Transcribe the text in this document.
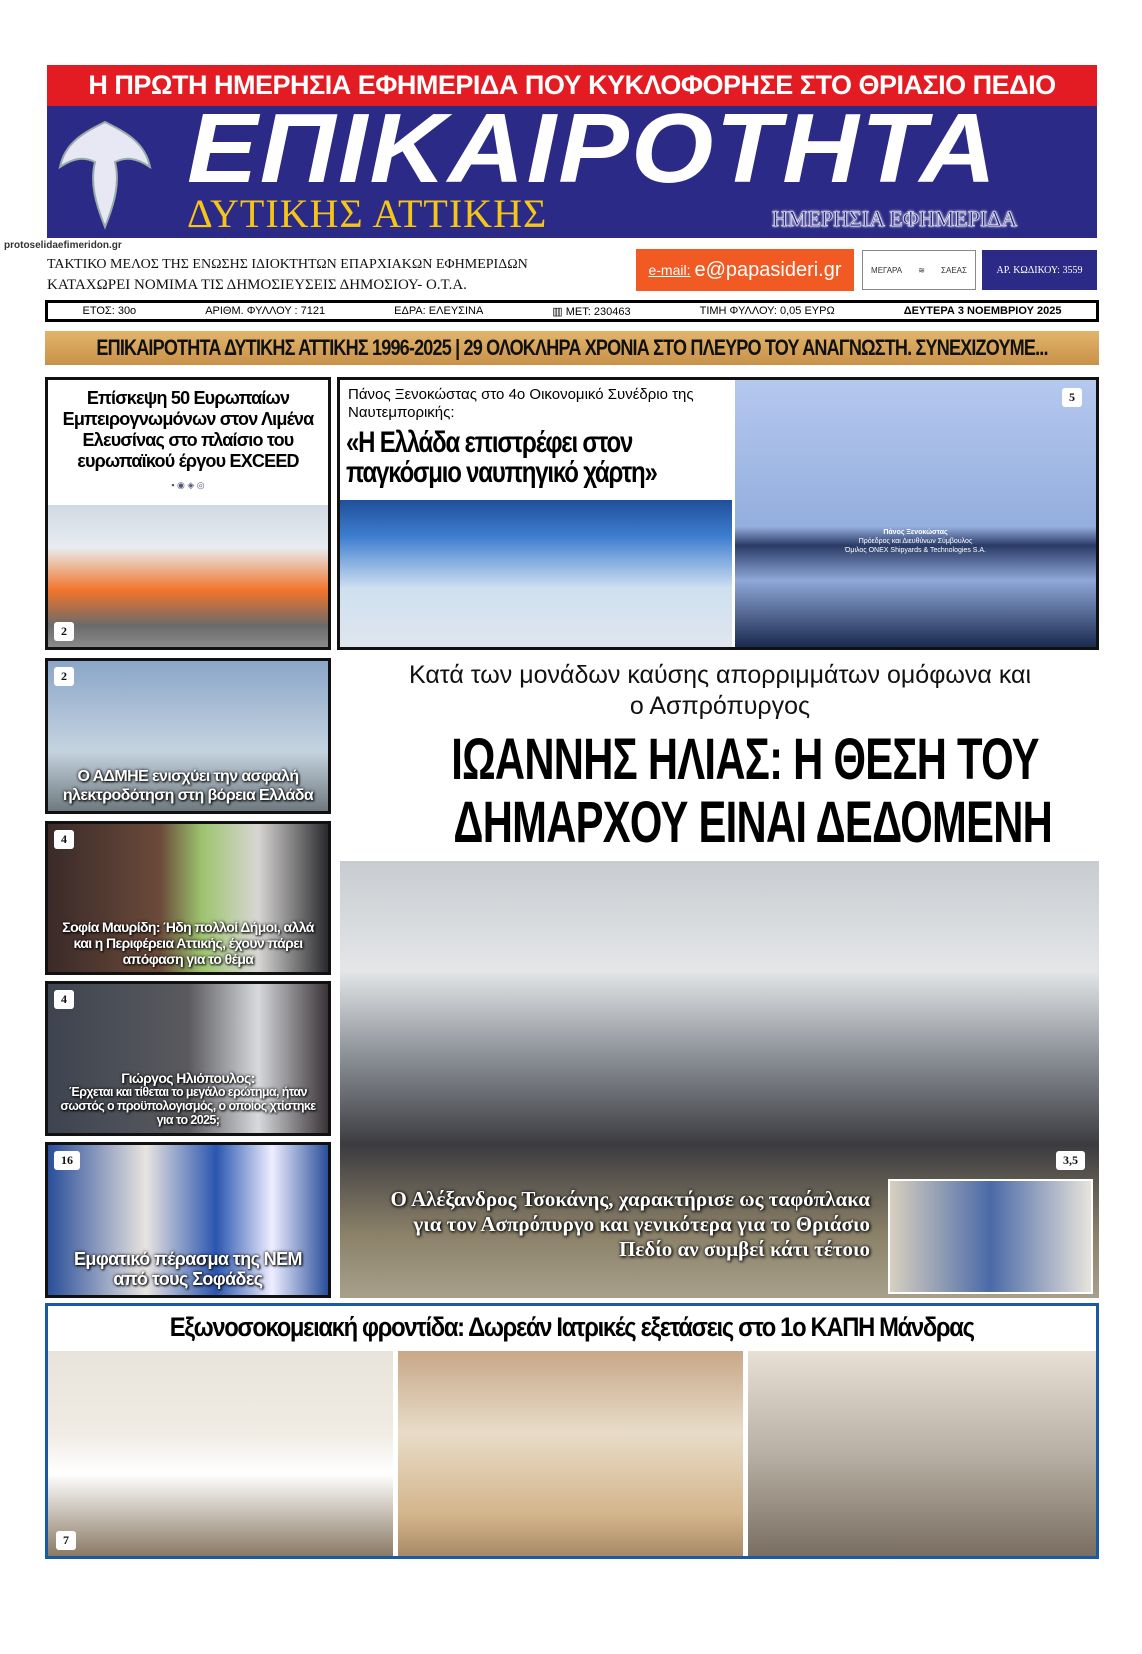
Η ΠΡΩΤΗ ΗΜΕΡΗΣΙΑ ΕΦΗΜΕΡΙΔΑ ΠΟΥ ΚΥΚΛΟΦΟΡΗΣΕ ΣΤΟ ΘΡΙΑΣΙΟ ΠΕΔΙΟ
ΕΠΙΚΑΙΡΟΤΗΤΑ
ΔΥΤΙΚΗΣ ΑΤΤΙΚΗΣ	ΗΜΕΡΗΣΙΑ ΕΦΗΜΕΡΙΔΑ
protoselidaefimeridon.gr
ΤΑΚΤΙΚΟ ΜΕΛΟΣ ΤΗΣ ΕΝΩΣΗΣ ΙΔΙΟΚΤΗΤΩΝ ΕΠΑΡΧΙΑΚΩΝ ΕΦΗΜΕΡΙΔΩΝ
ΚΑΤΑΧΩΡΕΙ ΝΟΜΙΜΑ ΤΙΣ ΔΗΜΟΣΙΕΥΣΕΙΣ ΔΗΜΟΣΙΟΥ- Ο.Τ.Α.
e-mail: e@papasideri.gr	ΜΕΓΑΡΑ ≋ ΣΑΕΑΣ	ΑΡ. ΚΩΔΙΚΟΥ: 3559
ΕΤΟΣ: 30ο	ΑΡΙΘΜ. ΦΥΛΛΟΥ : 7121	ΕΔΡΑ: ΕΛΕΥΣΙΝΑ	▥ ΜΕΤ: 230463	ΤΙΜΗ ΦΥΛΛΟΥ: 0,05 ΕΥΡΩ	ΔΕΥΤΕΡΑ 3 ΝΟΕΜΒΡΙΟΥ 2025
ΕΠΙΚΑΙΡΟΤΗΤΑ ΔΥΤΙΚΗΣ ΑΤΤΙΚΗΣ 1996-2025 | 29 ΟΛΟΚΛΗΡΑ ΧΡΟΝΙΑ ΣΤΟ ΠΛΕΥΡΟ ΤΟΥ ΑΝΑΓΝΩΣΤΗ. ΣΥΝΕΧΙΖΟΥΜΕ...
Επίσκεψη 50 Ευρωπαίων Εμπειρογνωμόνων στον Λιμένα Ελευσίνας στο πλαίσιο του ευρωπαϊκού έργου EXCEED
▪ ◉ ◈ ◎
2
2
Ο ΑΔΜΗΕ ενισχύει την ασφαλή ηλεκτροδότηση στη βόρεια Ελλάδα
4
Σοφία Μαυρίδη: Ήδη πολλοί Δήμοι, αλλά και η Περιφέρεια Αττικής, έχουν πάρει απόφαση για το θέμα
4
Γιώργος Ηλιόπουλος:
Έρχεται και τίθεται το μεγάλο ερώτημα, ήταν σωστός ο προϋπολογισμός, ο οποίος χτίστηκε για το 2025;
16
Εμφατικό πέρασμα της ΝΕΜ από τους Σοφάδες
Πάνος Ξενοκώστας στο 4ο Οικονομικό Συνέδριο της Ναυτεμπορικής:
«Η Ελλάδα επιστρέφει στον παγκόσμιο ναυπηγικό χάρτη»
Πάνος Ξενοκώστας
Πρόεδρος και Διευθύνων Σύμβουλος
Όμιλος ONEX Shipyards & Technologies S.A.
5
Κατά των μονάδων καύσης απορριμμάτων ομόφωνα και ο Ασπρόπυργος
ΙΩΑΝΝΗΣ ΗΛΙΑΣ: Η ΘΕΣΗ ΤΟΥ
ΔΗΜΑΡΧΟΥ ΕΙΝΑΙ ΔΕΔΟΜΕΝΗ
3,5
Ο Αλέξανδρος Τσοκάνης, χαρακτήρισε ως ταφόπλακα για τον Ασπρόπυργο και γενικότερα για το Θριάσιο Πεδίο αν συμβεί κάτι τέτοιο
Εξωνοσοκομειακή φροντίδα: Δωρεάν Ιατρικές εξετάσεις στο 1ο ΚΑΠΗ Μάνδρας
7
